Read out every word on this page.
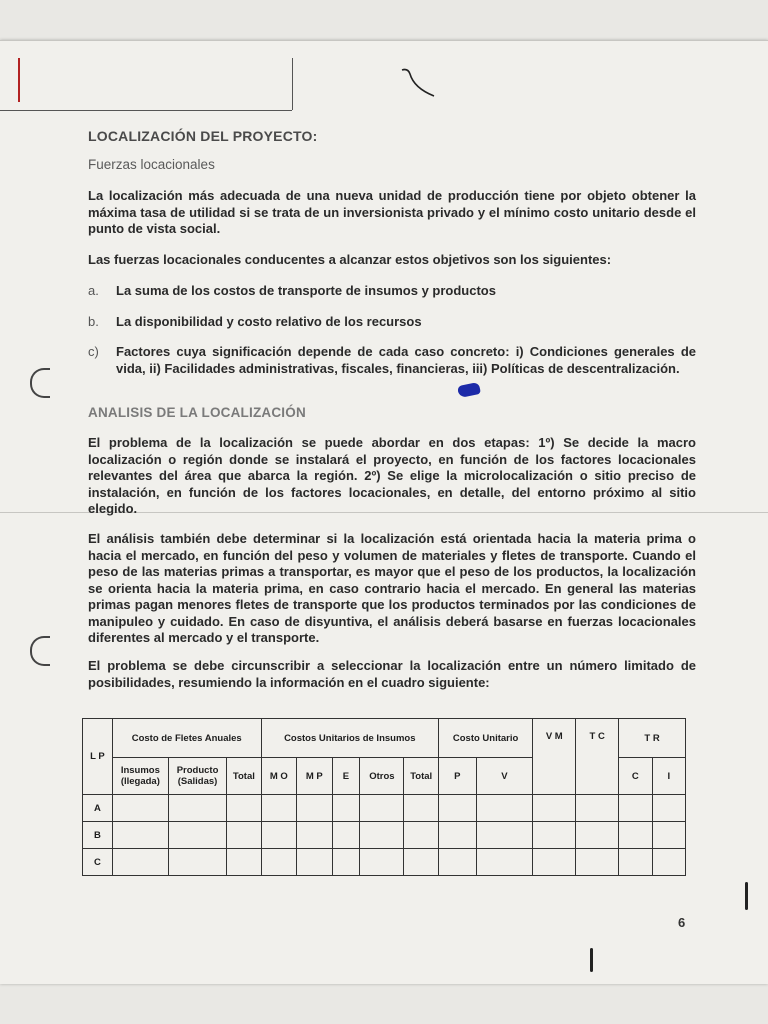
LOCALIZACIÓN DEL PROYECTO:
Fuerzas locacionales
La localización más adecuada de una nueva unidad de producción tiene por objeto obtener la máxima tasa de utilidad si se trata de un inversionista privado y el mínimo costo unitario desde el punto de vista social.
Las fuerzas locacionales conducentes a alcanzar estos objetivos son los siguientes:
a. La suma de los costos de transporte de insumos y productos
b. La disponibilidad y costo relativo de los recursos
c)	Factores cuya significación depende de cada caso concreto: i) Condiciones generales de vida, ii) Facilidades administrativas, fiscales, financieras, iii) Políticas de descentralización.
ANALISIS DE LA LOCALIZACIÓN
El problema de la localización se puede abordar en dos etapas: 1º) Se decide la macro localización o región donde se instalará el proyecto, en función de los factores locacionales relevantes del área que abarca la región. 2º) Se elige la microlocalización o sitio preciso de instalación, en función de los factores locacionales, en detalle, del entorno próximo al sitio elegido.
El análisis también debe determinar si la localización está orientada hacia la materia prima o hacia el mercado, en función del peso y volumen de materiales y fletes de transporte. Cuando el peso de las materias primas a transportar, es mayor que el peso de los productos, la localización se orienta hacia la materia prima, en caso contrario hacia el mercado. En general las materias primas pagan menores fletes de transporte que los productos terminados por las condiciones de manipuleo y cuidado. En caso de disyuntiva, el análisis deberá basarse en fuerzas locacionales diferentes al mercado y el transporte.
El problema se debe circunscribir a seleccionar la localización entre un número limitado de posibilidades, resumiendo la información en el cuadro siguiente:
L P	Costo de Fletes Anuales			Costos Unitarios de Insumos					Costo Unitario		V M	T C	T R	
	Insumos (llegada)	Producto (Salidas)	Total	M O	M P	E	Otros	Total	P	V			C	I
A														
B														
C														
6
